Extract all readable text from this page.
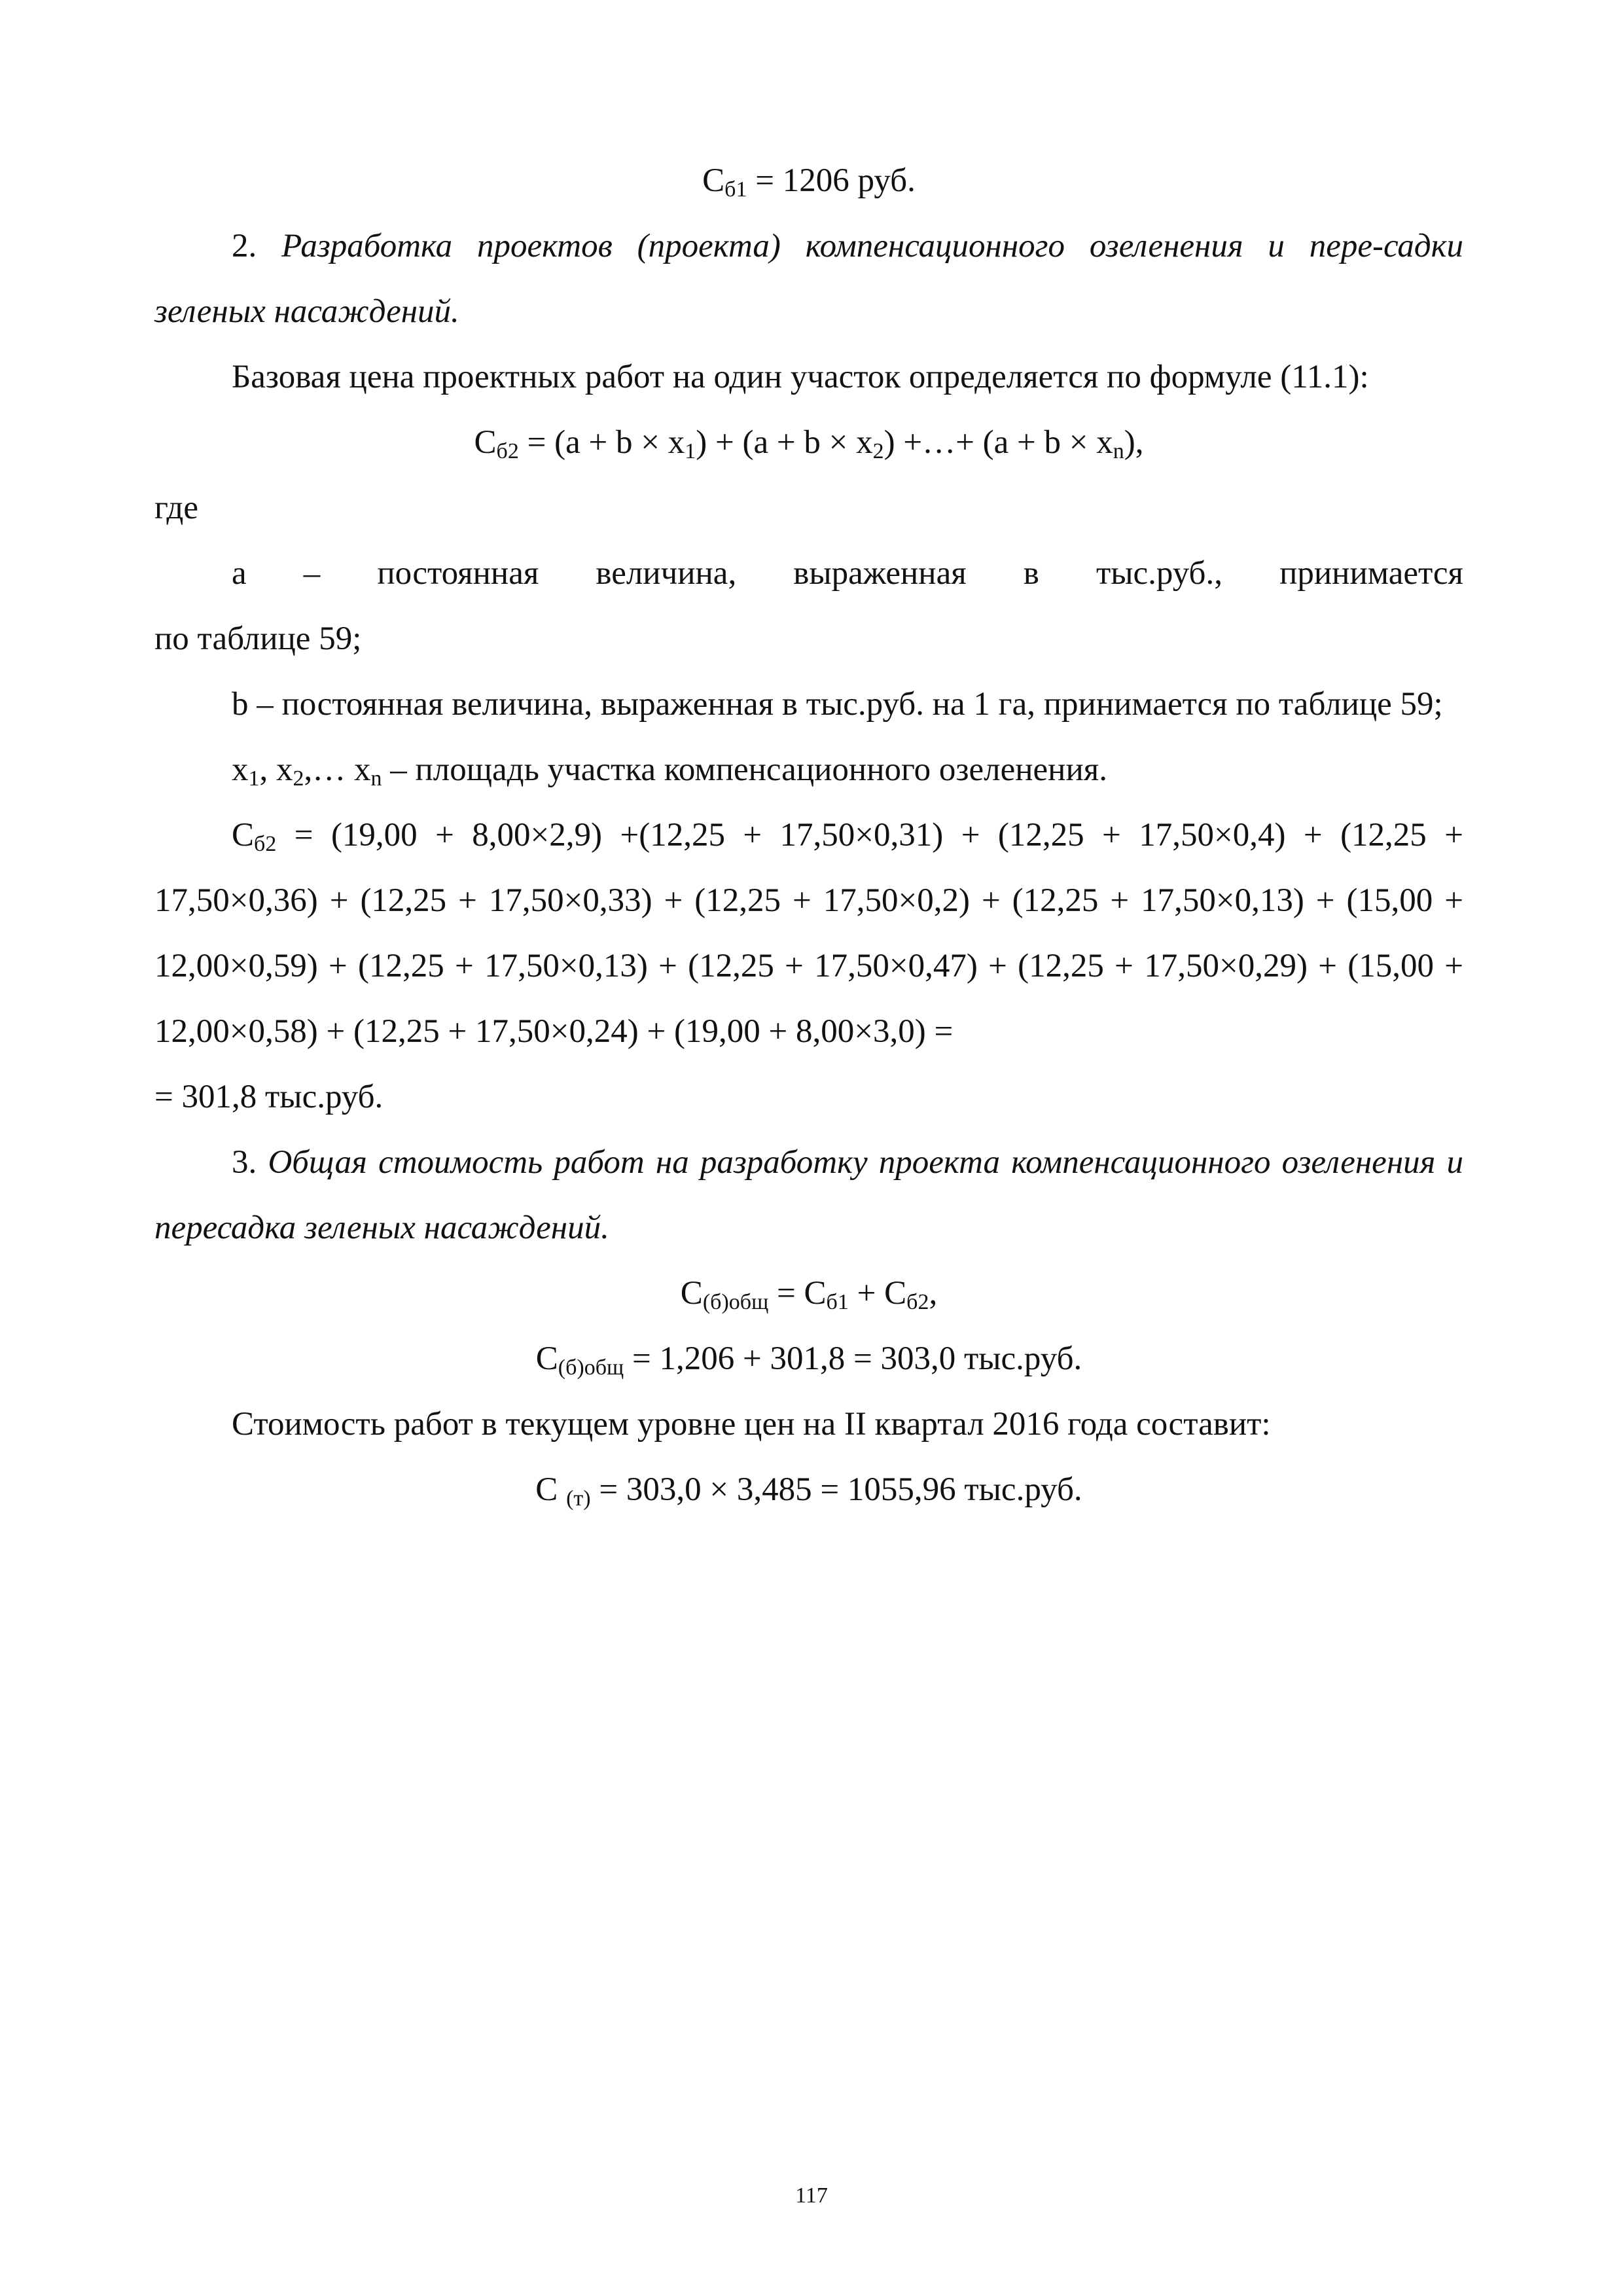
$С_{б1} = 1206$ руб.

2. Разработка проектов (проекта) компенсационного озеленения и пере-садки зеленых насаждений.

Базовая цена проектных работ на один участок определяется по формуле (11.1):

$С_{б2} = (а + b \times x_1) + (а + b \times x_2)$ +…+ $(а + b \times x_n)$,

где

а – постоянная величина, выраженная в тыс.руб., принимается

по таблице 59;

b – постоянная величина, выраженная в тыс.руб. на 1 га, принимается по таблице 59;

$x_1$, $x_2,\dots$ $x_n$ – площадь участка компенсационного озеленения.

$С_{б2} = (19,00 + 8,00\times 2,9) +(12,25 + 17,50\times 0,31) + (12,25 + 17,50\times 0,4) + (12,25 + 17,50\times 0,36) + (12,25 + 17,50\times 0,33) + (12,25 + 17,50\times 0,2) + (12,25 + 17,50\times 0,13) + (15,00 + 12,00\times 0,59) + (12,25 + 17,50\times 0,13) + (12,25 + 17,50\times 0,47) + (12,25 + 17,50\times 0,29) + (15,00 + 12,00\times 0,58) + (12,25 + 17,50\times 0,24) + (19,00 + 8,00\times 3,0)$ =

= 301,8 тыс.руб.

3. Общая стоимость работ на разработку проекта компенсационного озеленения и пересадка зеленых насаждений.

$С_{(б)общ} = С_{б1} + С_{б2}$,

$С_{(б)общ} = 1,206 + 301,8 = 303,0$ тыс.руб.

Стоимость работ в текущем уровне цен на II квартал 2016 года составит:

С $_{(т)}$ = 303,0 × 3,485 = 1055,96 тыс.руб.

117
